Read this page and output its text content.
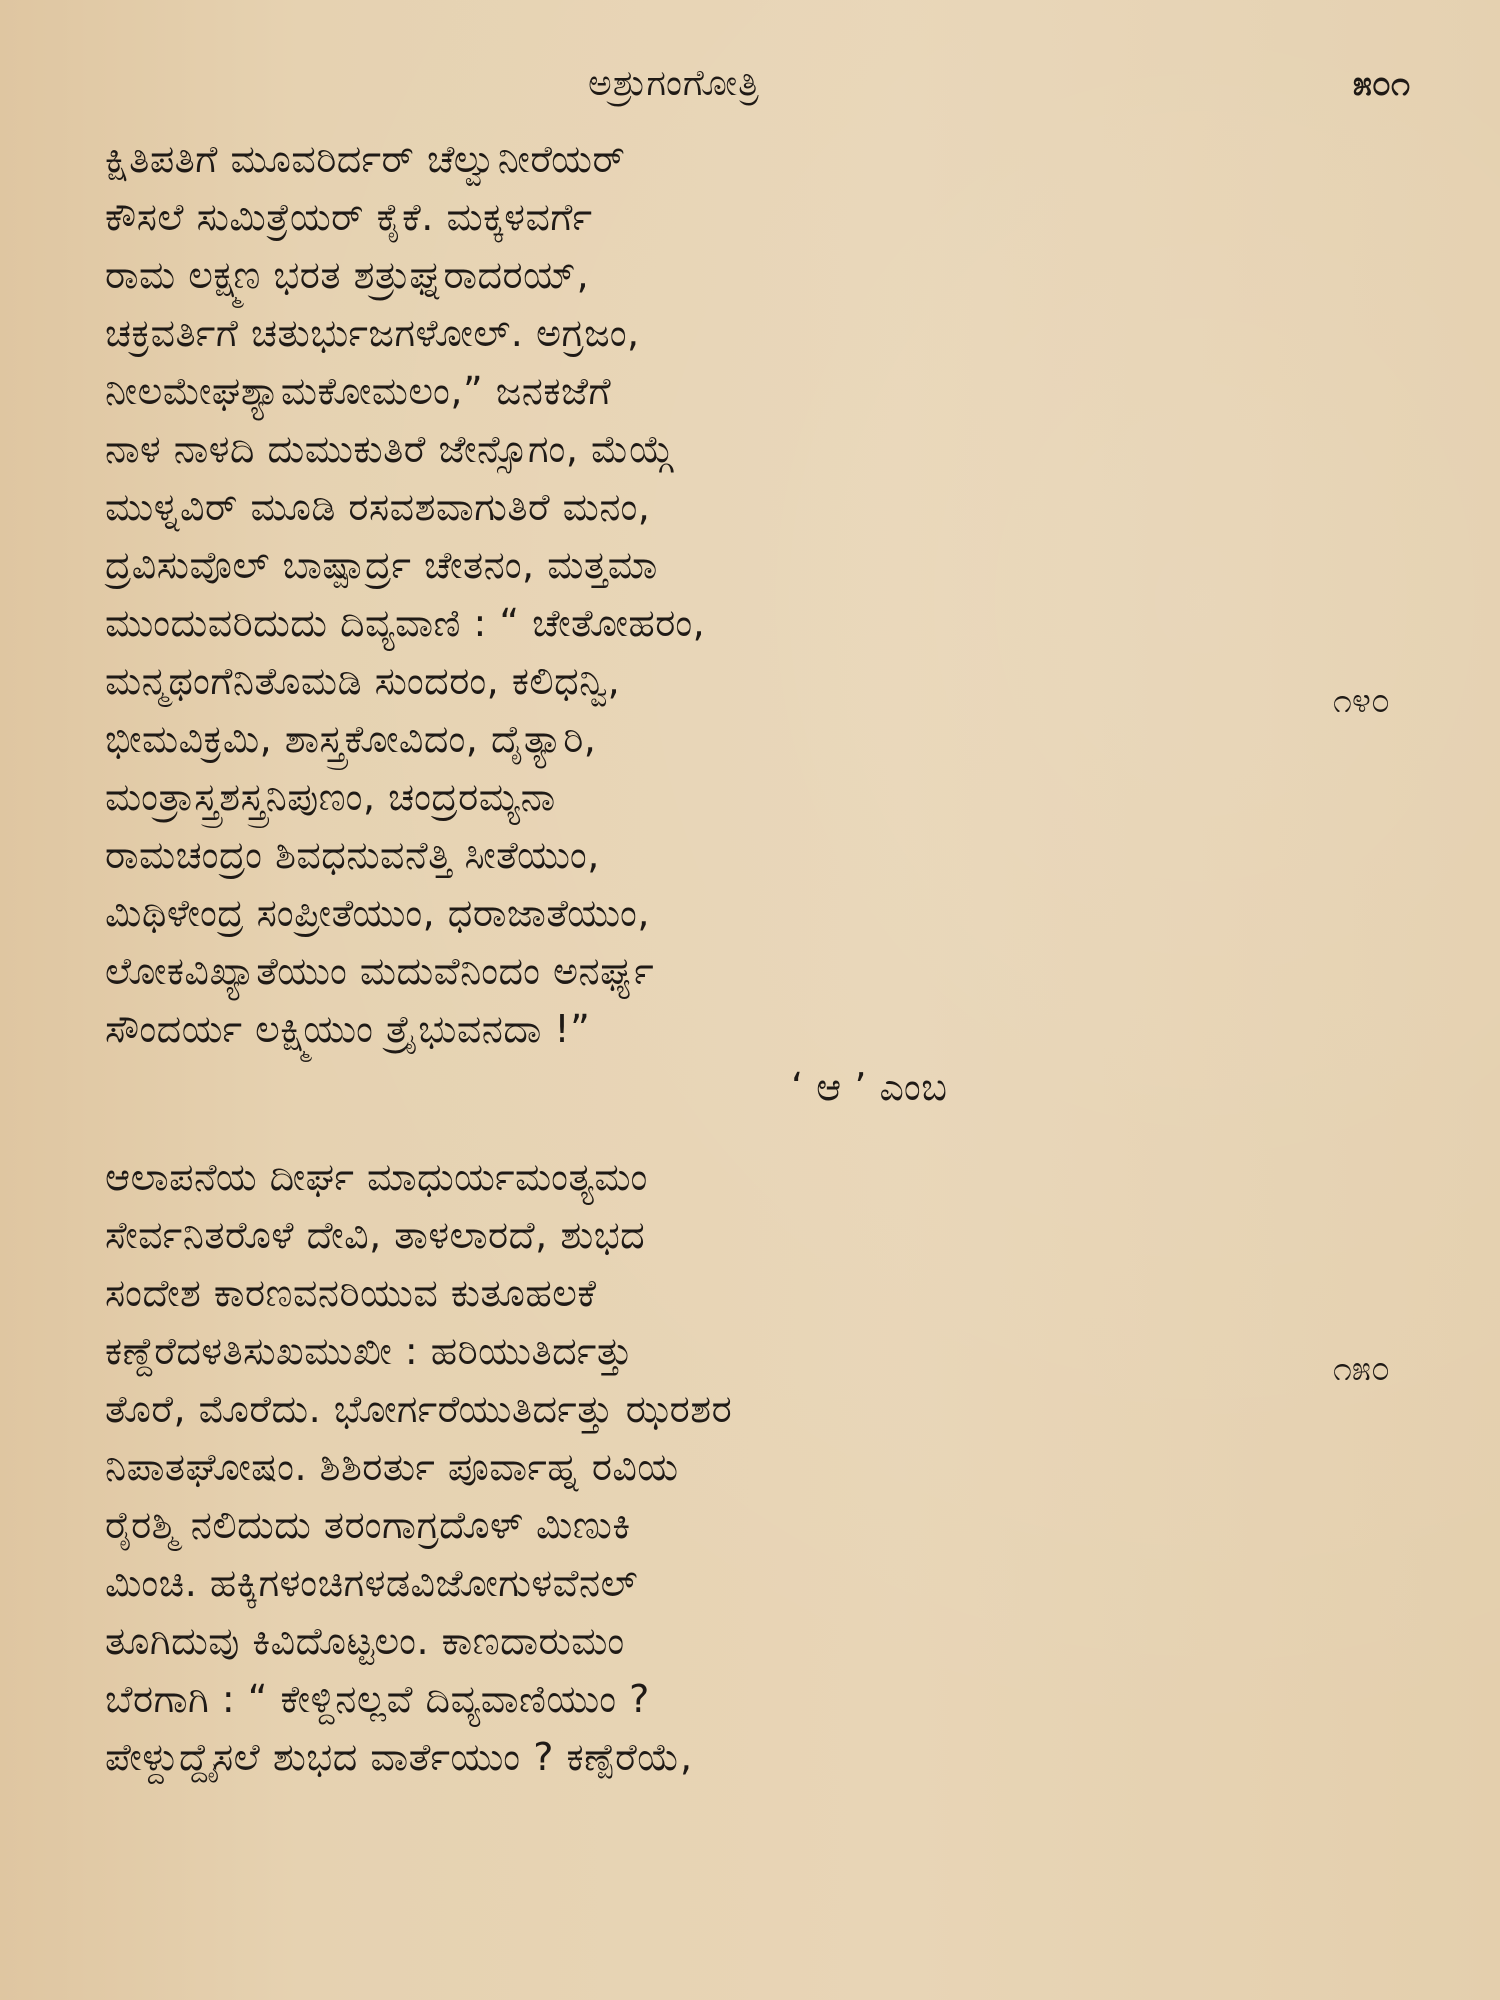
ಅಶ್ರುಗಂಗೋತ್ರಿ	೫೦೧
ಕ್ಷಿತಿಪತಿಗೆ ಮೂವರಿರ್ದರ್ ಚೆಲ್ವುನೀರೆಯರ್
ಕೌಸಲೆ ಸುಮಿತ್ರೆಯರ್ ಕೈಕೆ. ಮಕ್ಕಳವರ್ಗೆ
ರಾಮ ಲಕ್ಷ್ಮಣ ಭರತ ಶತ್ರುಘ್ನರಾದರಯ್,
ಚಕ್ರವರ್ತಿಗೆ ಚತುರ್ಭುಜಗಳೋಲ್. ಅಗ್ರಜಂ,
ನೀಲಮೇಘಶ್ಯಾಮಕೋಮಲಂ,” ಜನಕಜೆಗೆ
ನಾಳ ನಾಳದಿ ದುಮುಕುತಿರೆ ಜೇನ್ಸೊಗಂ, ಮೆಯ್ಗೆ
ಮುಳ್ನವಿರ್ ಮೂಡಿ ರಸವಶವಾಗುತಿರೆ ಮನಂ,
ದ್ರವಿಸುವೊಲ್ ಬಾಷ್ಪಾರ್ದ್ರ ಚೇತನಂ, ಮತ್ತಮಾ
ಮುಂದುವರಿದುದು ದಿವ್ಯವಾಣಿ : “ ಚೇತೋಹರಂ,
ಮನ್ಮಥಂಗೆನಿತೊಮಡಿ ಸುಂದರಂ, ಕಲಿಧನ್ವಿ,
ಭೀಮವಿಕ್ರಮಿ, ಶಾಸ್ತ್ರಕೋವಿದಂ, ದೈತ್ಯಾರಿ,
ಮಂತ್ರಾಸ್ತ್ರಶಸ್ತ್ರನಿಪುಣಂ, ಚಂದ್ರರಮ್ಯನಾ
ರಾಮಚಂದ್ರಂ ಶಿವಧನುವನೆತ್ತಿ ಸೀತೆಯುಂ,
ಮಿಥಿಳೇಂದ್ರ ಸಂಪ್ರೀತೆಯುಂ, ಧರಾಜಾತೆಯುಂ,
ಲೋಕವಿಖ್ಯಾತೆಯುಂ ಮದುವೆನಿಂದಂ ಅನರ್ಘ್ಯ
ಸೌಂದರ್ಯ ಲಕ್ಷ್ಮಿಯುಂ ತ್ರೈಭುವನದಾ !”
‘ ಆ ’ ಎಂಬ
ಆಲಾಪನೆಯ ದೀರ್ಘ ಮಾಧುರ್ಯಮಂತ್ಯಮಂ
ಸೇರ್ವನಿತರೊಳೆ ದೇವಿ, ತಾಳಲಾರದೆ, ಶುಭದ
ಸಂದೇಶ ಕಾರಣವನರಿಯುವ ಕುತೂಹಲಕೆ
ಕಣ್ದೆರೆದಳತಿಸುಖಮುಖೀ : ಹರಿಯುತಿರ್ದತ್ತು
ತೊರೆ, ಮೊರೆದು. ಭೋರ್ಗರೆಯುತಿರ್ದತ್ತು ಝರಶರ
ನಿಪಾತಘೋಷಂ. ಶಿಶಿರರ್ತು ಪೂರ್ವಾಹ್ನ ರವಿಯ
ರೈರಶ್ಮಿ ನಲಿದುದು ತರಂಗಾಗ್ರದೊಳ್ ಮಿಣುಕಿ
ಮಿಂಚಿ. ಹಕ್ಕಿಗಳಂಚಿಗಳಡವಿಜೋಗುಳವೆನಲ್
ತೂಗಿದುವು ಕಿವಿದೊಟ್ಟಲಂ. ಕಾಣದಾರುಮಂ
ಬೆರಗಾಗಿ : “ ಕೇಳ್ದಿನಲ್ಲವೆ ದಿವ್ಯವಾಣಿಯುಂ ?
ಪೇಳ್ದುದ್ದೈಸಲೆ ಶುಭದ ವಾರ್ತೆಯುಂ ? ಕಣ್ಪೆರೆಯೆ,
೧೪೦
೧೫೦
